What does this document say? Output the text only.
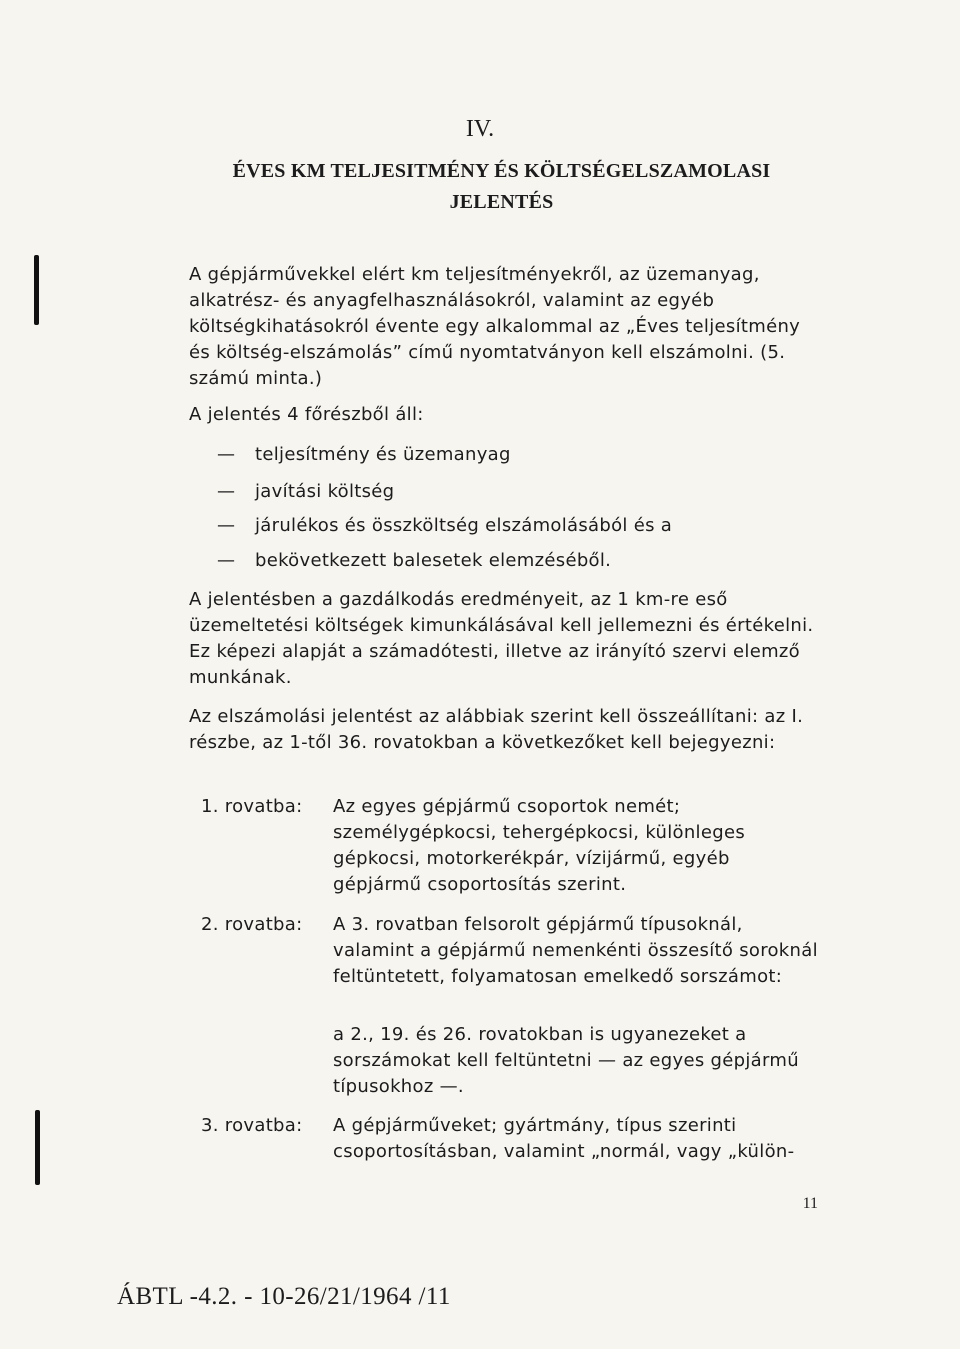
IV.
ÉVES KM TELJESITMÉNY ÉS KÖLTSÉGELSZAMOLASI
JELENTÉS

A gépjárművekkel elért km teljesítményekről, az üzemanyag, alkatrész- és anyagfelhasználásokról, valamint az egyéb költségkihatásokról évente egy alkalommal az „Éves teljesítmény és költség-elszámolás” című nyomtatványon kell elszámolni. (5. számú minta.)

A jelentés 4 főrészből áll:

— teljesítmény és üzemanyag
— javítási költség
— járulékos és összköltség elszámolásából és a
— bekövetkezett balesetek elemzéséből.

A jelentésben a gazdálkodás eredményeit, az 1 km-re eső üzemeltetési költségek kimunkálásával kell jellemezni és értékelni. Ez képezi alapját a számadótesti, illetve az irányító szervi elemző munkának.

Az elszámolási jelentést az alábbiak szerint kell összeállítani: az I. részbe, az 1-től 36. rovatokban a következőket kell bejegyezni:

1. rovatba: Az egyes gépjármű csoportok nemét; személygépkocsi, tehergépkocsi, különleges gépkocsi, motorkerékpár, vízijármű, egyéb gépjármű csoportosítás szerint.

2. rovatba: A 3. rovatban felsorolt gépjármű típusoknál, valamint a gépjármű nemenkénti összesítő soroknál feltüntetett, folyamatosan emelkedő sorszámot:

a 2., 19. és 26. rovatokban is ugyanezeket a sorszámokat kell feltüntetni — az egyes gépjármű típusokhoz —.

3. rovatba: A gépjárműveket; gyártmány, típus szerinti csoportosításban, valamint „normál, vagy „külön-

11
ÁBTL -4.2. - 10-26/21/1964 /11
